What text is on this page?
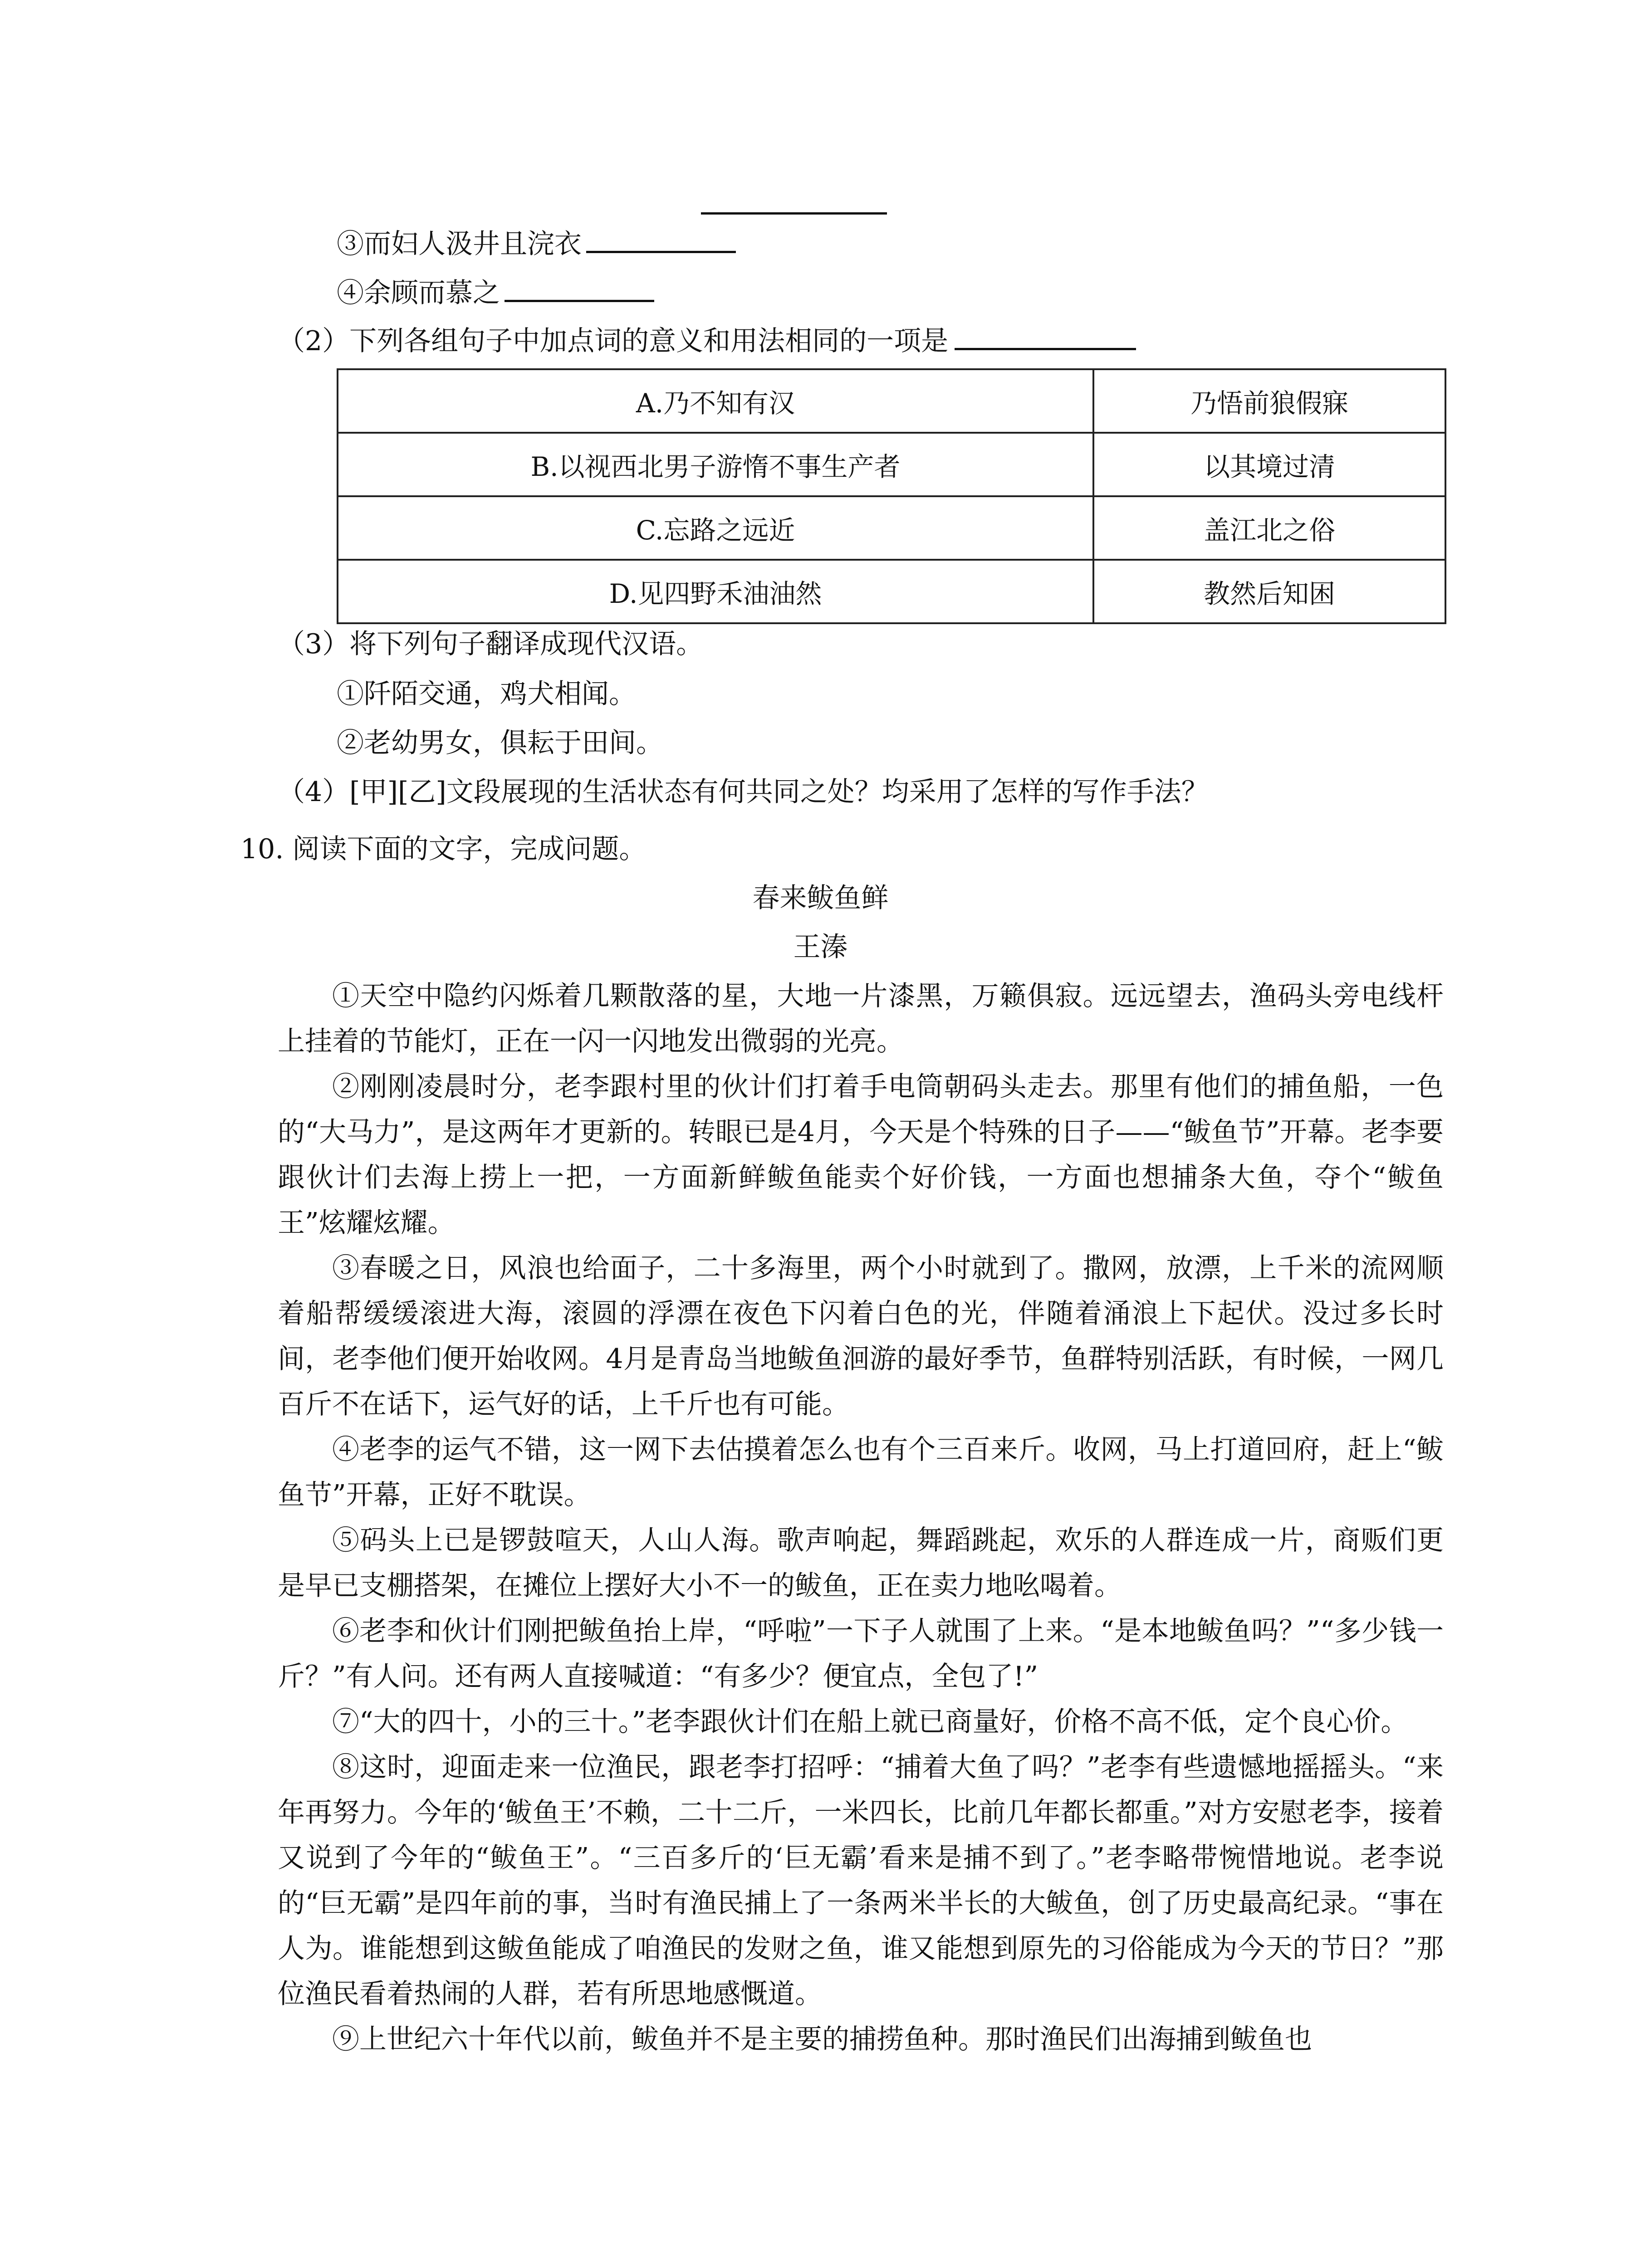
③而妇人汲井且浣衣
④余顾而慕之
（2）下列各组句子中加点词的意义和用法相同的一项是
A.乃不知有汉	乃悟前狼假寐
B.以视西北男子游惰不事生产者	以其境过清
C.忘路之远近	盖江北之俗
D.见四野禾油油然	教然后知困
（3）将下列句子翻译成现代汉语。
①阡陌交通，鸡犬相闻。
②老幼男女，俱耘于田间。
（4）[甲][乙]文段展现的生活状态有何共同之处？均采用了怎样的写作手法？
10. 阅读下面的文字，完成问题。
春来鲅鱼鲜
王溱

①天空中隐约闪烁着几颗散落的星，大地一片漆黑，万籁俱寂。远远望去，渔码头旁电线杆上挂着的节能灯，正在一闪一闪地发出微弱的光亮。

②刚刚凌晨时分，老李跟村里的伙计们打着手电筒朝码头走去。那里有他们的捕鱼船，一色的“大马力”，是这两年才更新的。转眼已是4月，今天是个特殊的日子——“鲅鱼节”开幕。老李要跟伙计们去海上捞上一把，一方面新鲜鲅鱼能卖个好价钱，一方面也想捕条大鱼，夺个“鲅鱼王”炫耀炫耀。

③春暖之日，风浪也给面子，二十多海里，两个小时就到了。撒网，放漂，上千米的流网顺着船帮缓缓滚进大海，滚圆的浮漂在夜色下闪着白色的光，伴随着涌浪上下起伏。没过多长时间，老李他们便开始收网。4月是青岛当地鲅鱼洄游的最好季节，鱼群特别活跃，有时候，一网几百斤不在话下，运气好的话，上千斤也有可能。

④老李的运气不错，这一网下去估摸着怎么也有个三百来斤。收网，马上打道回府，赶上“鲅鱼节”开幕，正好不耽误。

⑤码头上已是锣鼓喧天，人山人海。歌声响起，舞蹈跳起，欢乐的人群连成一片，商贩们更是早已支棚搭架，在摊位上摆好大小不一的鲅鱼，正在卖力地吆喝着。

⑥老李和伙计们刚把鲅鱼抬上岸，“呼啦”一下子人就围了上来。“是本地鲅鱼吗？”“多少钱一斤？”有人问。还有两人直接喊道：“有多少？便宜点，全包了!”

⑦“大的四十，小的三十。”老李跟伙计们在船上就已商量好，价格不高不低，定个良心价。

⑧这时，迎面走来一位渔民，跟老李打招呼：“捕着大鱼了吗？”老李有些遗憾地摇摇头。“来年再努力。今年的‘鲅鱼王’不赖，二十二斤，一米四长，比前几年都长都重。”对方安慰老李，接着又说到了今年的“鲅鱼王”。“三百多斤的‘巨无霸’看来是捕不到了。”老李略带惋惜地说。老李说的“巨无霸”是四年前的事，当时有渔民捕上了一条两米半长的大鲅鱼，创了历史最高纪录。“事在人为。谁能想到这鲅鱼能成了咱渔民的发财之鱼，谁又能想到原先的习俗能成为今天的节日？”那位渔民看着热闹的人群，若有所思地感慨道。

⑨上世纪六十年代以前，鲅鱼并不是主要的捕捞鱼种。那时渔民们出海捕到鲅鱼也
